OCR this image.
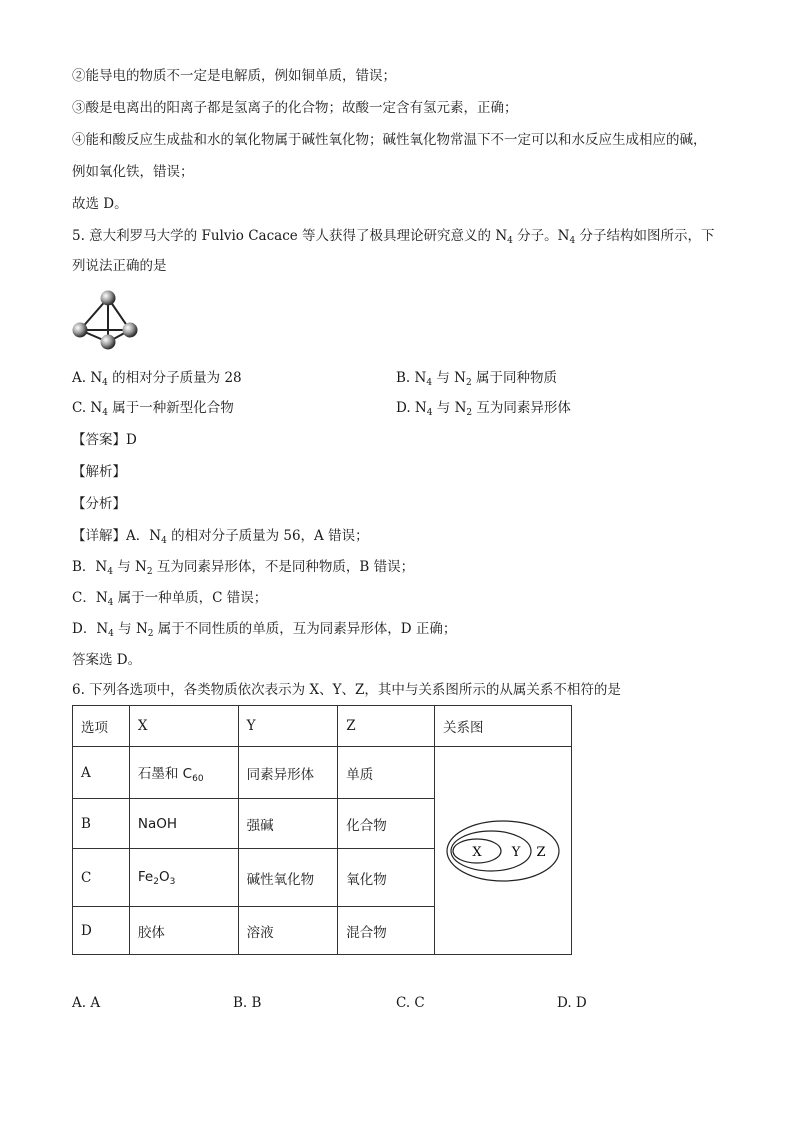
②能导电的物质不一定是电解质，例如铜单质，错误；
③酸是电离出的阳离子都是氢离子的化合物；故酸一定含有氢元素，正确；
④能和酸反应生成盐和水的氧化物属于碱性氧化物；碱性氧化物常温下不一定可以和水反应生成相应的碱，
例如氧化铁，错误；
故选 D。
5. 意大利罗马大学的 Fulvio Cacace 等人获得了极具理论研究意义的 $N_4$ 分子。$N_4$ 分子结构如图所示，下
列说法正确的是
A. $N_4$ 的相对分子质量为 28	B. $N_4$ 与 $N_2$ 属于同种物质
C. $N_4$ 属于一种新型化合物	D. $N_4$ 与 $N_2$ 互为同素异形体
【答案】D
【解析】
【分析】
【详解】A．$N_4$ 的相对分子质量为 56，A 错误；
B．$N_4$ 与 $N_2$ 互为同素异形体，不是同种物质，B 错误；
C．$N_4$ 属于一种单质，C 错误；
D．$N_4$ 与 $N_2$ 属于不同性质的单质，互为同素异形体，D 正确；
答案选 D。
6. 下列各选项中，各类物质依次表示为 X、Y、Z，其中与关系图所示的从属关系不相符的是
选项	X	Y	Z	关系图
A	石墨和 $C_{60}$	同素异形体	单质	X Y Z

B	NaOH	强碱	化合物	
C	$Fe_2O_3$	碱性氧化物	氧化物	
D	胶体	溶液	混合物	
A. A	B. B	C. C	D. D
